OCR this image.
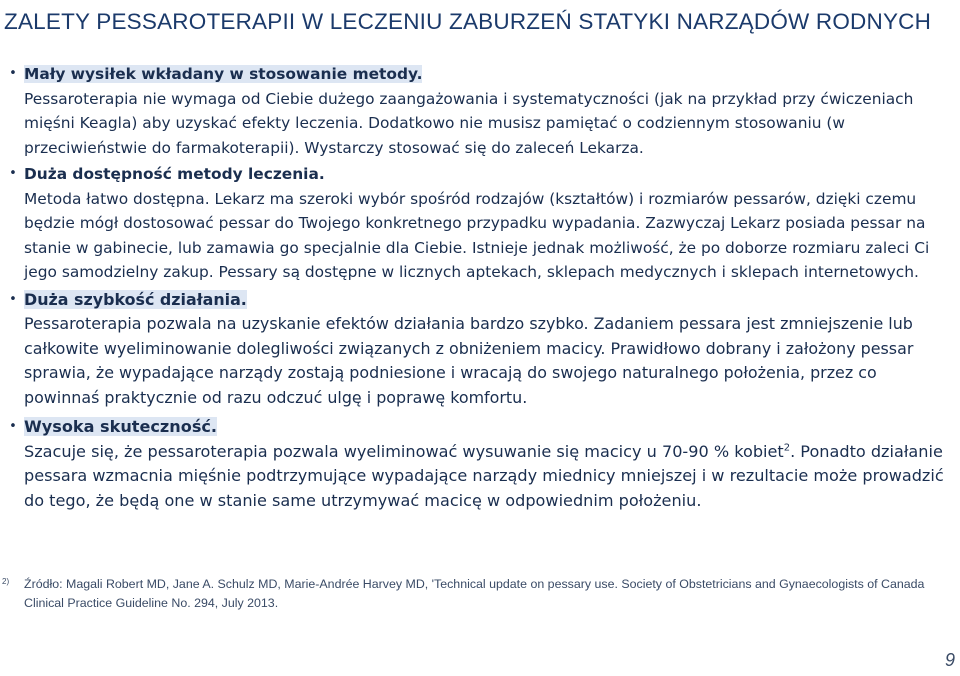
ZALETY PESSAROTERAPII W LECZENIU ZABURZEŃ STATYKI NARZĄDÓW RODNYCH
• Mały wysiłek wkładany w stosowanie metody.
Pessaroterapia nie wymaga od Ciebie dużego zaangażowania i systematyczności (jak na przykład przy ćwiczeniach mięśni Keagla) aby uzyskać efekty leczenia. Dodatkowo nie musisz pamiętać o codziennym stosowaniu (w przeciwieństwie do farmakoterapii). Wystarczy stosować się do zaleceń Lekarza.
• Duża dostępność metody leczenia.
Metoda łatwo dostępna. Lekarz ma szeroki wybór spośród rodzajów (kształtów) i rozmiarów pessarów, dzięki czemu będzie mógł dostosować pessar do Twojego konkretnego przypadku wypadania. Zazwyczaj Lekarz posiada pessar na stanie w gabinecie, lub zamawia go specjalnie dla Ciebie. Istnieje jednak możliwość, że po doborze rozmiaru zaleci Ci jego samodzielny zakup. Pessary są dostępne w licznych aptekach, sklepach medycznych i sklepach internetowych.
• Duża szybkość działania.
Pessaroterapia pozwala na uzyskanie efektów działania bardzo szybko. Zadaniem pessara jest zmniejszenie lub całkowite wyeliminowanie dolegliwości związanych z obniżeniem macicy. Prawidłowo dobrany i założony pessar sprawia, że wypadające narządy zostają podniesione i wracają do swojego naturalnego położenia, przez co powinnaś praktycznie od razu odczuć ulgę i poprawę komfortu.
• Wysoka skuteczność.
Szacuje się, że pessaroterapia pozwala wyeliminować wysuwanie się macicy u 70-90 % kobiet$^2$. Ponadto działanie pessara wzmacnia mięśnie podtrzymujące wypadające narządy miednicy mniejszej i w rezultacie może prowadzić do tego, że będą one w stanie same utrzymywać macicę w odpowiednim położeniu.
2)	Źródło: Magali Robert MD, Jane A. Schulz MD, Marie-Andrée Harvey MD, 'Technical update on pessary use. Society of Obstetricians and Gynaecologists of Canada Clinical Practice Guideline No. 294, July 2013.
9
